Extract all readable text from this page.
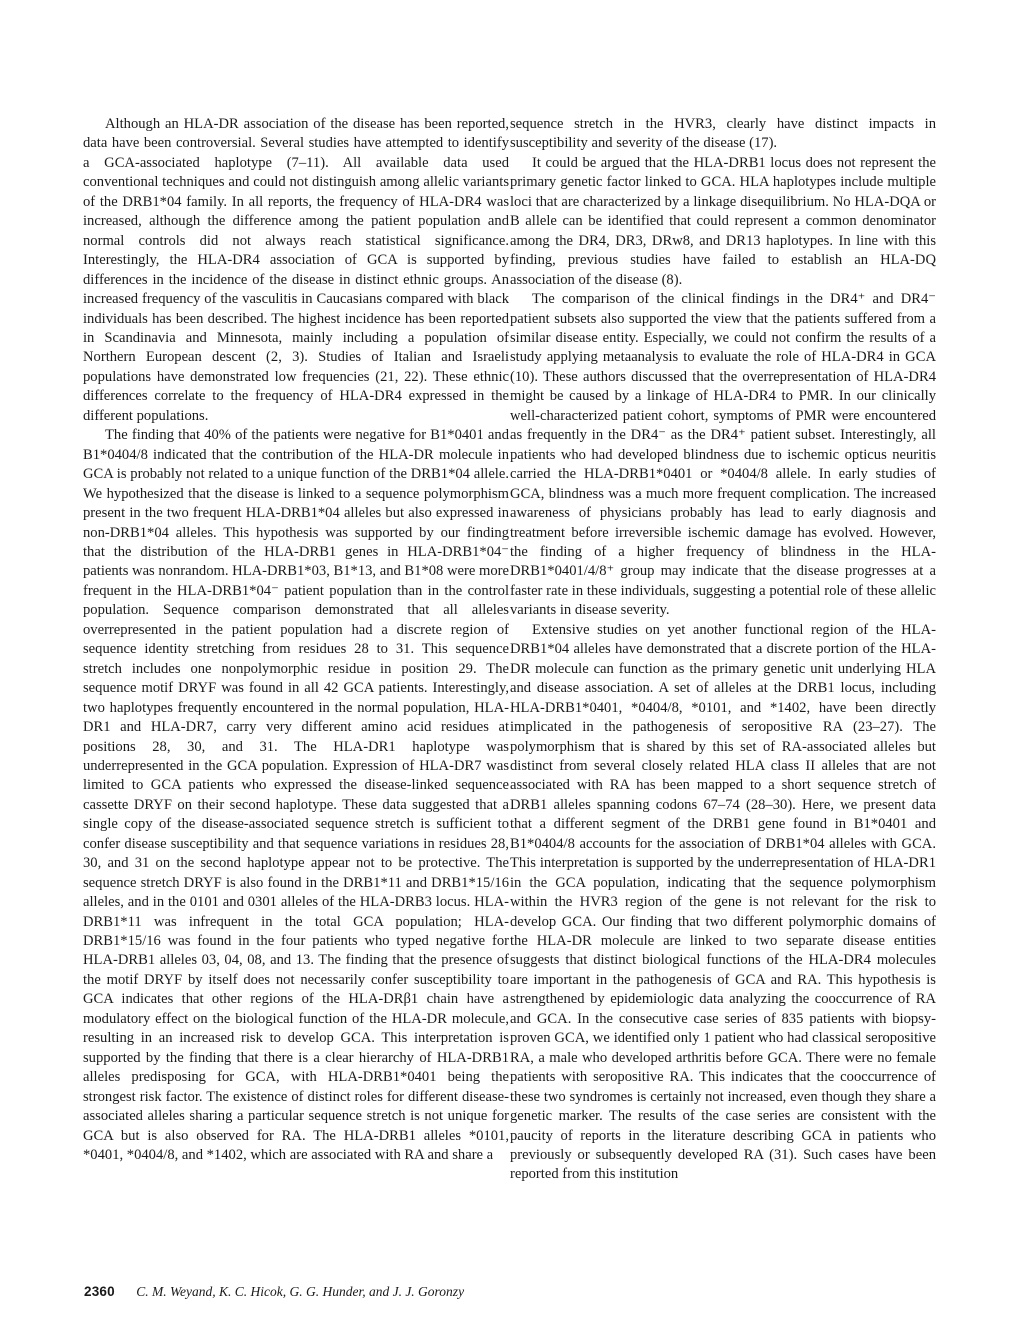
Although an HLA-DR association of the disease has been reported, data have been controversial. Several studies have attempted to identify a GCA-associated haplotype (7–11). All available data used conventional techniques and could not distinguish among allelic variants of the DRB1*04 family. In all reports, the frequency of HLA-DR4 was increased, although the difference among the patient population and normal controls did not always reach statistical significance. Interestingly, the HLA-DR4 association of GCA is supported by differences in the incidence of the disease in distinct ethnic groups. An increased frequency of the vasculitis in Caucasians compared with black individuals has been described. The highest incidence has been reported in Scandinavia and Minnesota, mainly including a population of Northern European descent (2, 3). Studies of Italian and Israeli populations have demonstrated low frequencies (21, 22). These ethnic differences correlate to the frequency of HLA-DR4 expressed in the different populations.

The finding that 40% of the patients were negative for B1*0401 and B1*0404/8 indicated that the contribution of the HLA-DR molecule in GCA is probably not related to a unique function of the DRB1*04 allele. We hypothesized that the disease is linked to a sequence polymorphism present in the two frequent HLA-DRB1*04 alleles but also expressed in non-DRB1*04 alleles. This hypothesis was supported by our finding that the distribution of the HLA-DRB1 genes in HLA-DRB1*04⁻ patients was nonrandom. HLA-DRB1*03, B1*13, and B1*08 were more frequent in the HLA-DRB1*04⁻ patient population than in the control population. Sequence comparison demonstrated that all alleles overrepresented in the patient population had a discrete region of sequence identity stretching from residues 28 to 31. This sequence stretch includes one nonpolymorphic residue in position 29. The sequence motif DRYF was found in all 42 GCA patients. Interestingly, two haplotypes frequently encountered in the normal population, HLA-DR1 and HLA-DR7, carry very different amino acid residues at positions 28, 30, and 31. The HLA-DR1 haplotype was underrepresented in the GCA population. Expression of HLA-DR7 was limited to GCA patients who expressed the disease-linked sequence cassette DRYF on their second haplotype. These data suggested that a single copy of the disease-associated sequence stretch is sufficient to confer disease susceptibility and that sequence variations in residues 28, 30, and 31 on the second haplotype appear not to be protective. The sequence stretch DRYF is also found in the DRB1*11 and DRB1*15/16 alleles, and in the 0101 and 0301 alleles of the HLA-DRB3 locus. HLA-DRB1*11 was infrequent in the total GCA population; HLA-DRB1*15/16 was found in the four patients who typed negative for HLA-DRB1 alleles 03, 04, 08, and 13. The finding that the presence of the motif DRYF by itself does not necessarily confer susceptibility to GCA indicates that other regions of the HLA-DRβ1 chain have a modulatory effect on the biological function of the HLA-DR molecule, resulting in an increased risk to develop GCA. This interpretation is supported by the finding that there is a clear hierarchy of HLA-DRB1 alleles predisposing for GCA, with HLA-DRB1*0401 being the strongest risk factor. The existence of distinct roles for different disease-associated alleles sharing a particular sequence stretch is not unique for GCA but is also observed for RA. The HLA-DRB1 alleles *0101, *0401, *0404/8, and *1402, which are associated with RA and share a

sequence stretch in the HVR3, clearly have distinct impacts in susceptibility and severity of the disease (17).

It could be argued that the HLA-DRB1 locus does not represent the primary genetic factor linked to GCA. HLA haplotypes include multiple loci that are characterized by a linkage disequilibrium. No HLA-DQA or B allele can be identified that could represent a common denominator among the DR4, DR3, DRw8, and DR13 haplotypes. In line with this finding, previous studies have failed to establish an HLA-DQ association of the disease (8).

The comparison of the clinical findings in the DR4⁺ and DR4⁻ patient subsets also supported the view that the patients suffered from a similar disease entity. Especially, we could not confirm the results of a study applying metaanalysis to evaluate the role of HLA-DR4 in GCA (10). These authors discussed that the overrepresentation of HLA-DR4 might be caused by a linkage of HLA-DR4 to PMR. In our clinically well-characterized patient cohort, symptoms of PMR were encountered as frequently in the DR4⁻ as the DR4⁺ patient subset. Interestingly, all patients who had developed blindness due to ischemic opticus neuritis carried the HLA-DRB1*0401 or *0404/8 allele. In early studies of GCA, blindness was a much more frequent complication. The increased awareness of physicians probably has lead to early diagnosis and treatment before irreversible ischemic damage has evolved. However, the finding of a higher frequency of blindness in the HLA-DRB1*0401/4/8⁺ group may indicate that the disease progresses at a faster rate in these individuals, suggesting a potential role of these allelic variants in disease severity.

Extensive studies on yet another functional region of the HLA-DRB1*04 alleles have demonstrated that a discrete portion of the HLA-DR molecule can function as the primary genetic unit underlying HLA and disease association. A set of alleles at the DRB1 locus, including HLA-DRB1*0401, *0404/8, *0101, and *1402, have been directly implicated in the pathogenesis of seropositive RA (23–27). The polymorphism that is shared by this set of RA-associated alleles but distinct from several closely related HLA class II alleles that are not associated with RA has been mapped to a short sequence stretch of DRB1 alleles spanning codons 67–74 (28–30). Here, we present data that a different segment of the DRB1 gene found in B1*0401 and B1*0404/8 accounts for the association of DRB1*04 alleles with GCA. This interpretation is supported by the underrepresentation of HLA-DR1 in the GCA population, indicating that the sequence polymorphism within the HVR3 region of the gene is not relevant for the risk to develop GCA. Our finding that two different polymorphic domains of the HLA-DR molecule are linked to two separate disease entities suggests that distinct biological functions of the HLA-DR4 molecules are important in the pathogenesis of GCA and RA. This hypothesis is strengthened by epidemiologic data analyzing the cooccurrence of RA and GCA. In the consecutive case series of 835 patients with biopsy-proven GCA, we identified only 1 patient who had classical seropositive RA, a male who developed arthritis before GCA. There were no female patients with seropositive RA. This indicates that the cooccurrence of these two syndromes is certainly not increased, even though they share a genetic marker. The results of the case series are consistent with the paucity of reports in the literature describing GCA in patients who previously or subsequently developed RA (31). Such cases have been reported from this institution

2360 C. M. Weyand, K. C. Hicok, G. G. Hunder, and J. J. Goronzy
